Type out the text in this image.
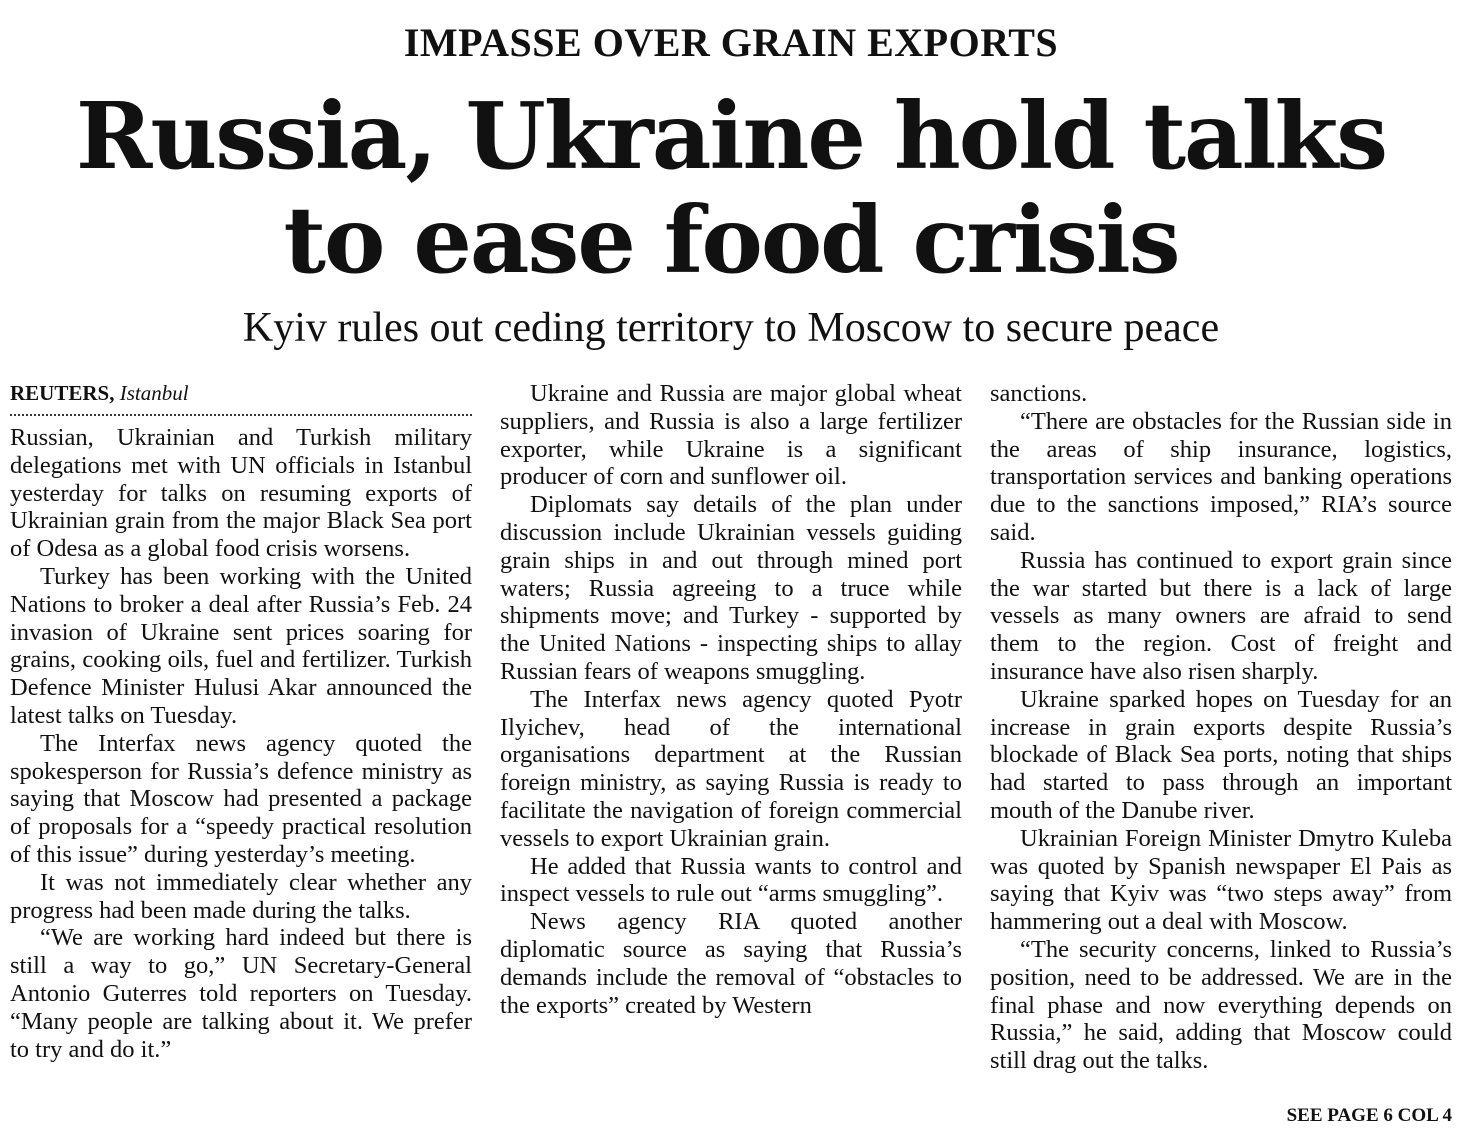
IMPASSE OVER GRAIN EXPORTS
Russia, Ukraine hold talks
to ease food crisis
Kyiv rules out ceding territory to Moscow to secure peace
REUTERS, Istanbul

Russian, Ukrainian and Turkish military delegations met with UN officials in Istanbul yesterday for talks on resuming exports of Ukrainian grain from the major Black Sea port of Odesa as a global food crisis worsens.

Turkey has been working with the United Nations to broker a deal after Russia’s Feb. 24 invasion of Ukraine sent prices soaring for grains, cooking oils, fuel and fertilizer. Turkish Defence Minister Hulusi Akar announced the latest talks on Tuesday.

The Interfax news agency quoted the spokesperson for Russia’s defence ministry as saying that Moscow had presented a package of proposals for a “speedy practical resolution of this issue” during yesterday’s meeting.

It was not immediately clear whether any progress had been made during the talks.

“We are working hard indeed but there is still a way to go,” UN Secretary-General Antonio Guterres told reporters on Tuesday. “Many people are talking about it. We prefer to try and do it.”

Ukraine and Russia are major global wheat suppliers, and Russia is also a large fertilizer exporter, while Ukraine is a significant producer of corn and sunflower oil.

Diplomats say details of the plan under discussion include Ukrainian vessels guiding grain ships in and out through mined port waters; Russia agreeing to a truce while shipments move; and Turkey - supported by the United Nations - inspecting ships to allay Russian fears of weapons smuggling.

The Interfax news agency quoted Pyotr Ilyichev, head of the international organisations department at the Russian foreign ministry, as saying Russia is ready to facilitate the navigation of foreign commercial vessels to export Ukrainian grain.

He added that Russia wants to control and inspect vessels to rule out “arms smuggling”.

News agency RIA quoted another diplomatic source as saying that Russia’s demands include the removal of “obstacles to the exports” created by Western

sanctions.

“There are obstacles for the Russian side in the areas of ship insurance, logistics, transportation services and banking operations due to the sanctions imposed,” RIA’s source said.

Russia has continued to export grain since the war started but there is a lack of large vessels as many owners are afraid to send them to the region. Cost of freight and insurance have also risen sharply.

Ukraine sparked hopes on Tuesday for an increase in grain exports despite Russia’s blockade of Black Sea ports, noting that ships had started to pass through an important mouth of the Danube river.

Ukrainian Foreign Minister Dmytro Kuleba was quoted by Spanish newspaper El Pais as saying that Kyiv was “two steps away” from hammering out a deal with Moscow.

“The security concerns, linked to Russia’s position, need to be addressed. We are in the final phase and now everything depends on Russia,” he said, adding that Moscow could still drag out the talks.

SEE PAGE 6 COL 4
